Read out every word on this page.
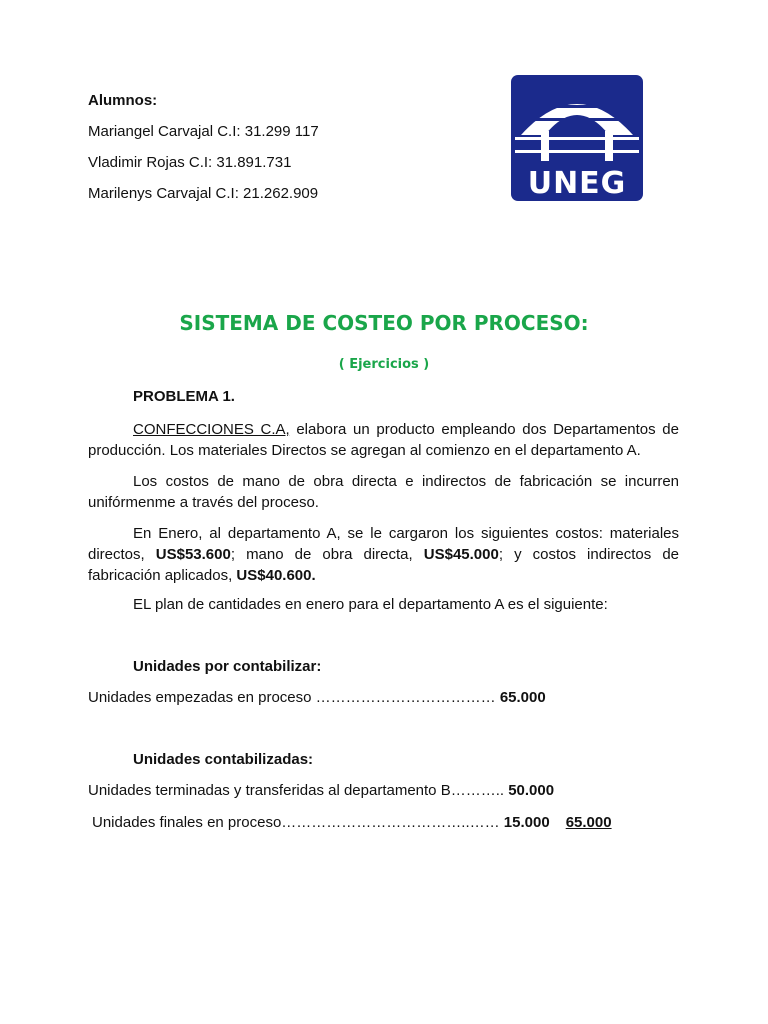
Alumnos:
Mariangel Carvajal C.I: 31.299 117
Vladimir Rojas C.I: 31.891.731
Marilenys Carvajal C.I: 21.262.909	UNEG
SISTEMA DE COSTEO POR PROCESO:
( Ejercicios )
PROBLEMA 1.
CONFECCIONES C.A, elabora un producto empleando dos Departamentos de producción. Los materiales Directos se agregan al comienzo en el departamento A.
Los costos de mano de obra directa e indirectos de fabricación se incurren unifórmenme a través del proceso.
En Enero, al departamento A, se le cargaron los siguientes costos: materiales directos, US$53.600; mano de obra directa, US$45.000; y costos indirectos de fabricación aplicados, US$40.600.
EL plan de cantidades en enero para el departamento A es el siguiente:
Unidades por contabilizar:
Unidades empezadas en proceso ……………………………… 65.000
Unidades contabilizadas:
Unidades terminadas y transferidas al departamento B……….. 50.000
Unidades finales en proceso………………………………..…… 15.000 65.000
